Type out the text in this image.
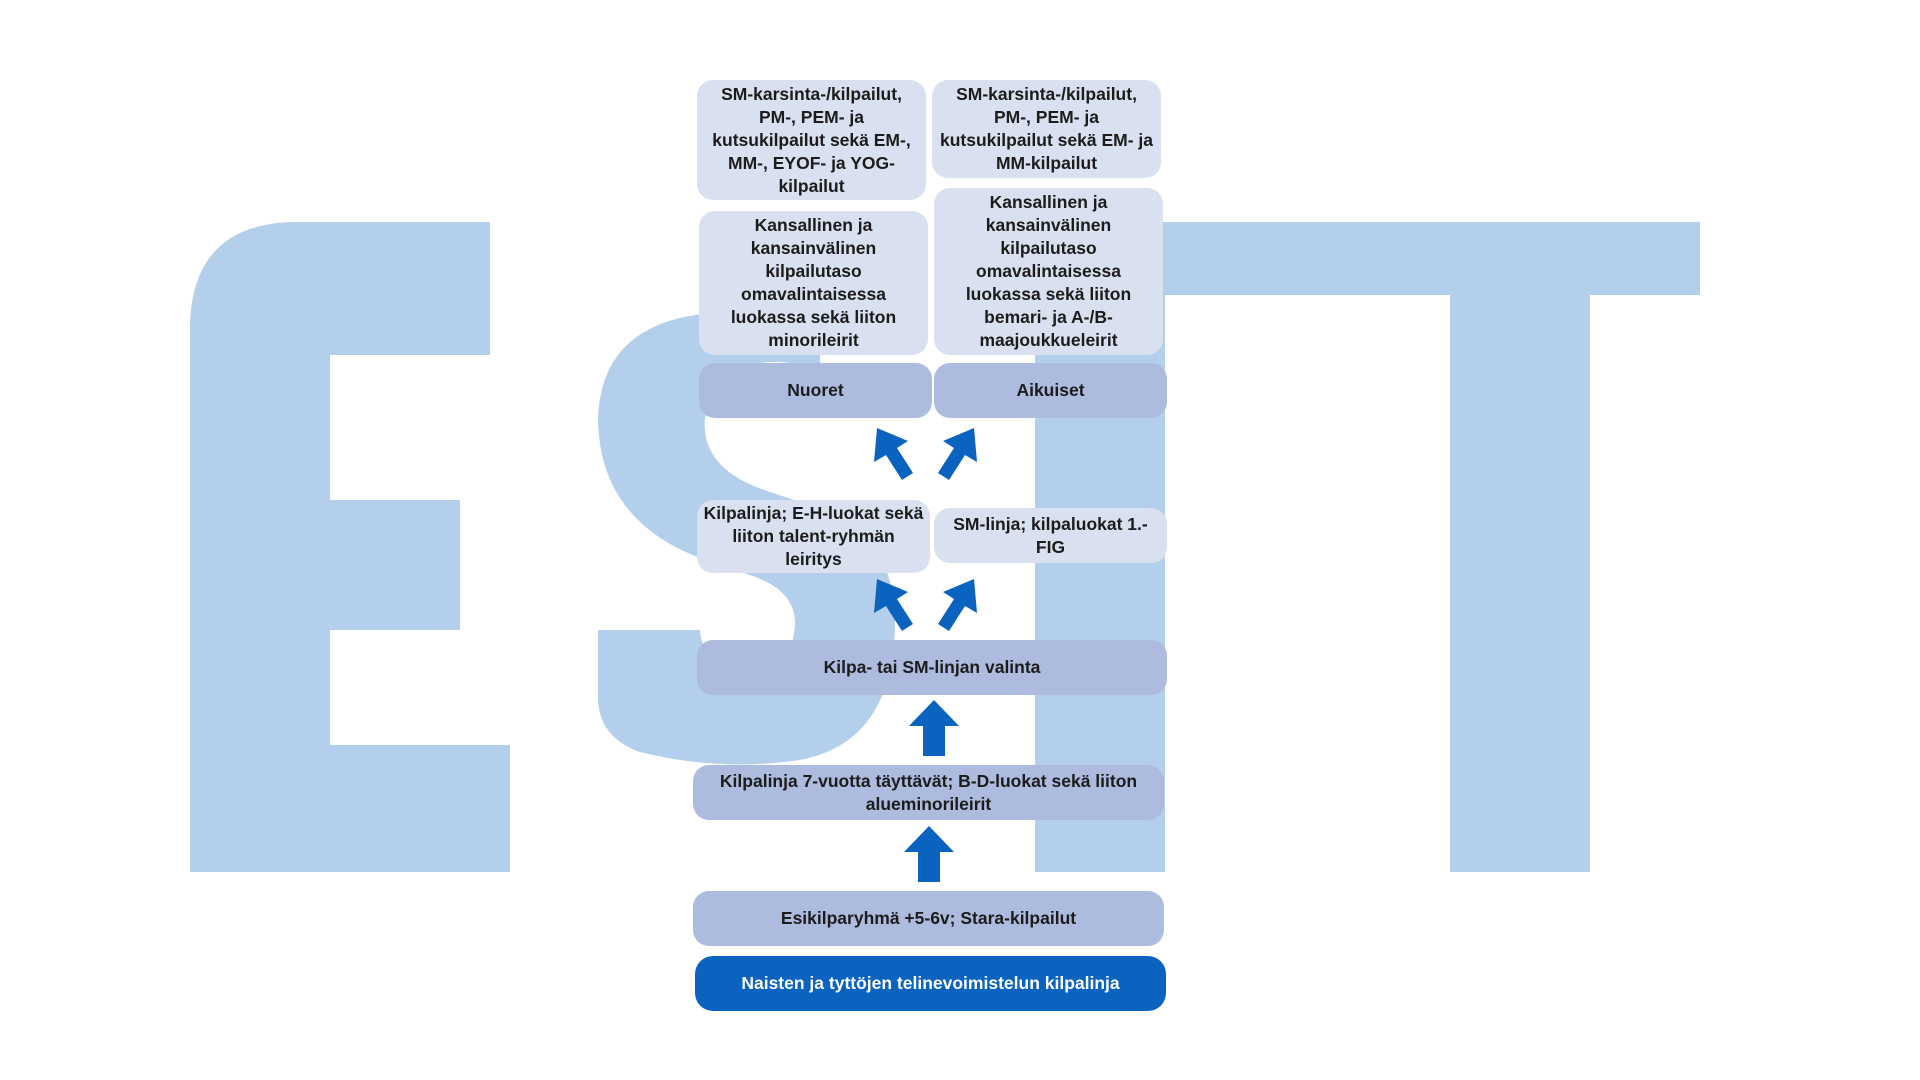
SM-karsinta-/kilpailut, PM-, PEM- ja kutsukilpailut sekä EM-, MM-, EYOF- ja YOG-kilpailut
SM-karsinta-/kilpailut, PM-, PEM- ja kutsukilpailut sekä EM- ja MM-kilpailut
Kansallinen ja kansainvälinen kilpailutaso omavalintaisessa luokassa sekä liiton minorileirit
Kansallinen ja kansainvälinen kilpailutaso omavalintaisessa luokassa sekä liiton bemari- ja A-/B-maajoukkueleirit
Nuoret	Aikuiset
Kilpalinja; E-H-luokat sekä liiton talent-ryhmän leiritys
SM-linja; kilpaluokat 1.-FIG
Kilpa- tai SM-linjan valinta
Kilpalinja 7-vuotta täyttävät; B-D-luokat sekä liiton alueminorileirit
Esikilparyhmä +5-6v; Stara-kilpailut
Naisten ja tyttöjen telinevoimistelun kilpalinja
